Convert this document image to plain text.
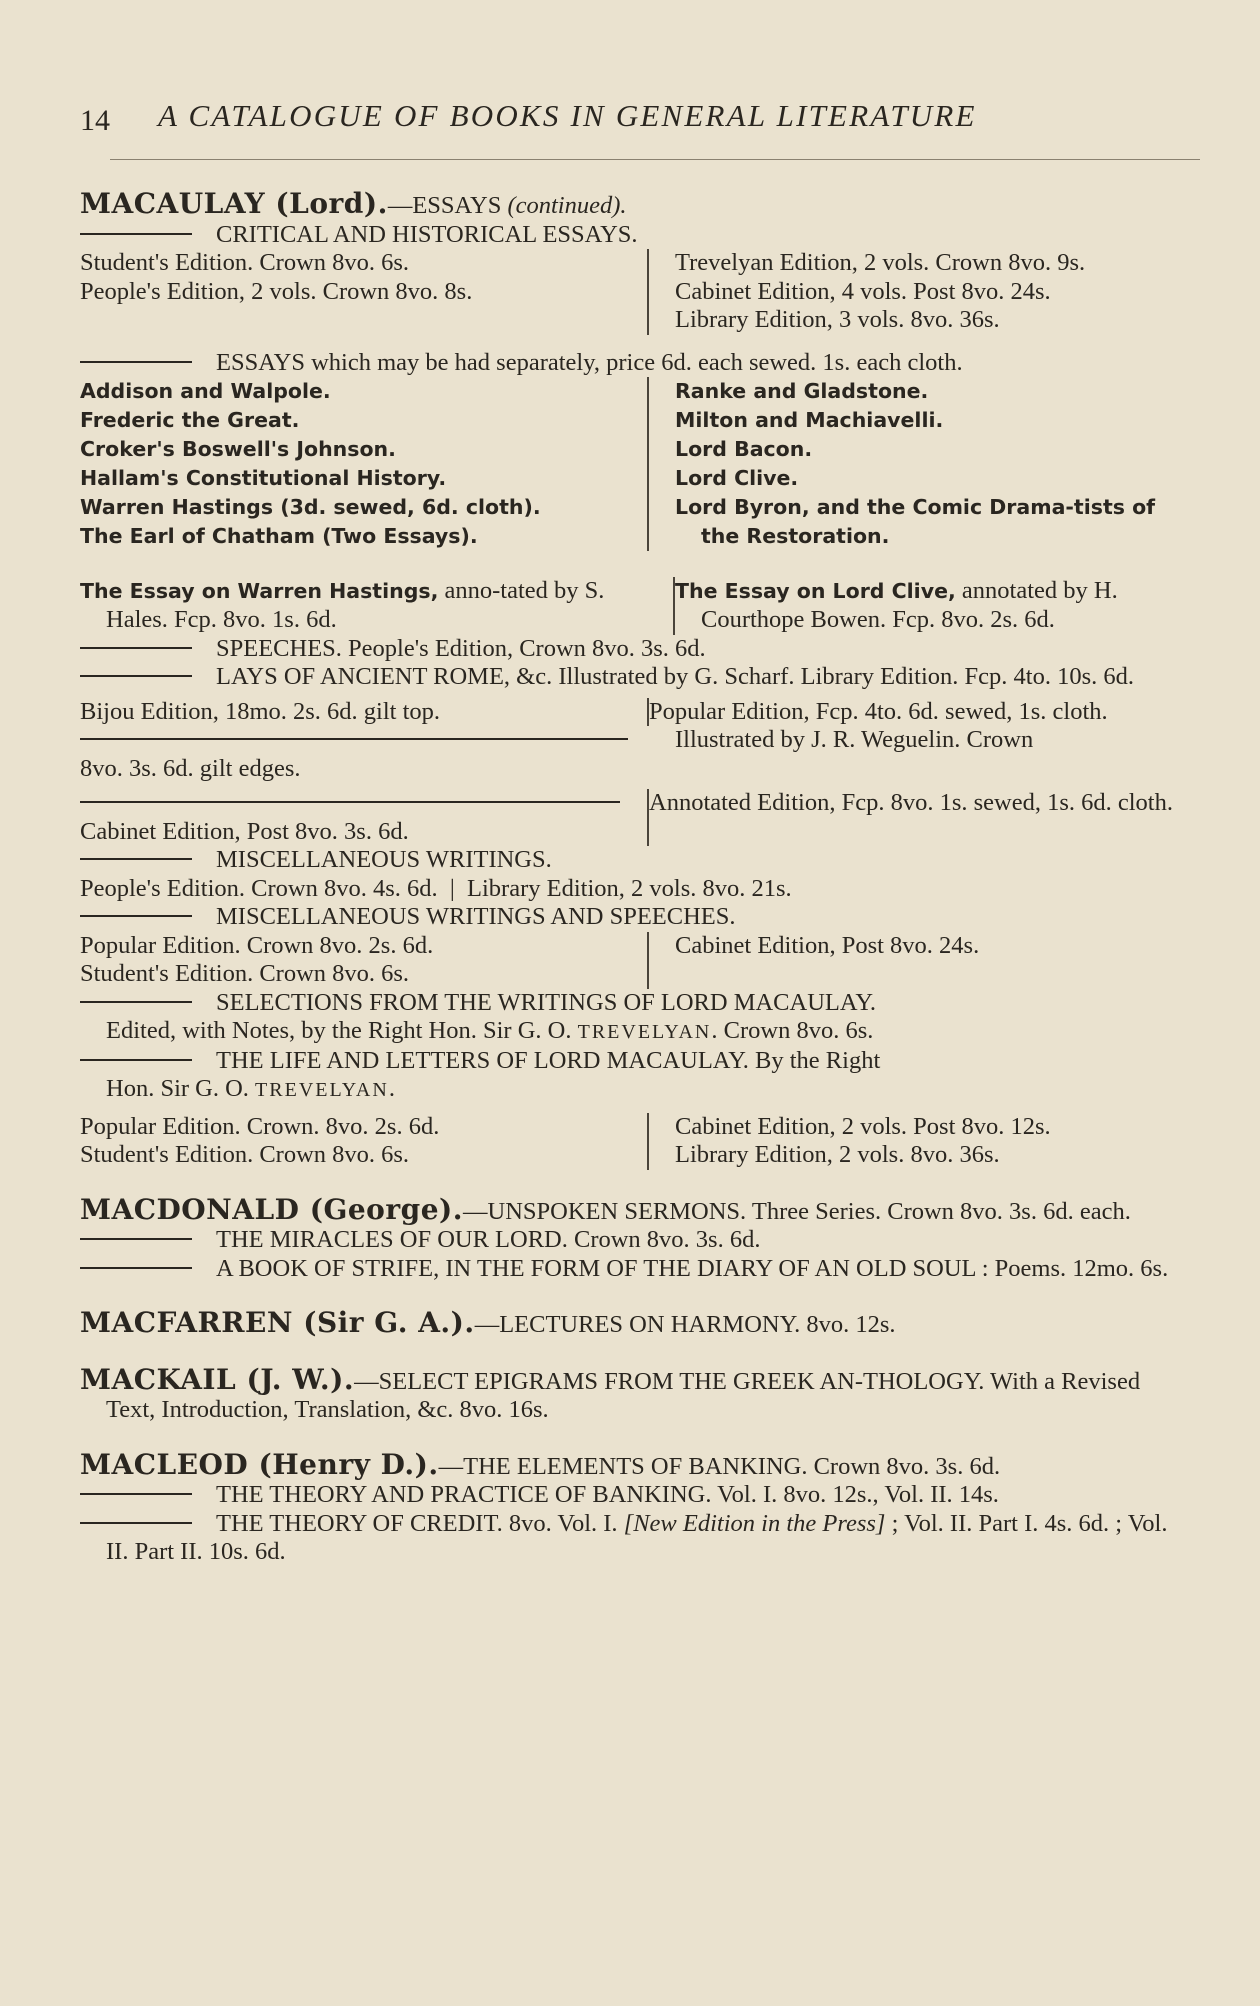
14 A CATALOGUE OF BOOKS IN GENERAL LITERATURE

MACAULAY (Lord).—ESSAYS (continued).

CRITICAL AND HISTORICAL ESSAYS.

Student's Edition. Crown 8vo. 6s.

People's Edition, 2 vols. Crown 8vo. 8s.

Trevelyan Edition, 2 vols. Crown 8vo. 9s.

Cabinet Edition, 4 vols. Post 8vo. 24s.

Library Edition, 3 vols. 8vo. 36s.

ESSAYS which may be had separately, price 6d. each sewed. 1s. each cloth.

Addison and Walpole.

Frederic the Great.

Croker's Boswell's Johnson.

Hallam's Constitutional History.

Warren Hastings (3d. sewed, 6d. cloth).

The Earl of Chatham (Two Essays).

Ranke and Gladstone.

Milton and Machiavelli.

Lord Bacon.

Lord Clive.

Lord Byron, and the Comic Drama-tists of the Restoration.

The Essay on Warren Hastings, anno-tated by S. Hales. Fcp. 8vo. 1s. 6d.
The Essay on Lord Clive, annotated by H. Courthope Bowen. Fcp. 8vo. 2s. 6d.

SPEECHES. People's Edition, Crown 8vo. 3s. 6d.

LAYS OF ANCIENT ROME, &c. Illustrated by G. Scharf. Library Edition. Fcp. 4to. 10s. 6d.

Bijou Edition, 18mo. 2s. 6d. gilt top.	Popular Edition, Fcp. 4to. 6d. sewed, 1s. cloth.

Illustrated by J. R. Weguelin. Crown

8vo. 3s. 6d. gilt edges.

Cabinet Edition, Post 8vo. 3s. 6d.

Annotated Edition, Fcp. 8vo. 1s. sewed, 1s. 6d. cloth.

MISCELLANEOUS WRITINGS.

People's Edition. Crown 8vo. 4s. 6d.  |  Library Edition, 2 vols. 8vo. 21s.

MISCELLANEOUS WRITINGS AND SPEECHES.

Popular Edition. Crown 8vo. 2s. 6d.

Student's Edition. Crown 8vo. 6s.

Cabinet Edition, Post 8vo. 24s.

SELECTIONS FROM THE WRITINGS OF LORD MACAULAY.

Edited, with Notes, by the Right Hon. Sir G. O. TREVELYAN. Crown 8vo. 6s.

THE LIFE AND LETTERS OF LORD MACAULAY. By the Right

Hon. Sir G. O. TREVELYAN.

Popular Edition. Crown. 8vo. 2s. 6d.

Student's Edition. Crown 8vo. 6s.

Cabinet Edition, 2 vols. Post 8vo. 12s.

Library Edition, 2 vols. 8vo. 36s.

MACDONALD (George).—UNSPOKEN SERMONS. Three Series. Crown 8vo. 3s. 6d. each.

THE MIRACLES OF OUR LORD. Crown 8vo. 3s. 6d.

A BOOK OF STRIFE, IN THE FORM OF THE DIARY OF AN OLD SOUL : Poems. 12mo. 6s.

MACFARREN (Sir G. A.).—LECTURES ON HARMONY. 8vo. 12s.

MACKAIL (J. W.).—SELECT EPIGRAMS FROM THE GREEK AN-THOLOGY. With a Revised Text, Introduction, Translation, &c. 8vo. 16s.

MACLEOD (Henry D.).—THE ELEMENTS OF BANKING. Crown 8vo. 3s. 6d.

THE THEORY AND PRACTICE OF BANKING. Vol. I. 8vo. 12s., Vol. II. 14s.

THE THEORY OF CREDIT. 8vo. Vol. I. [New Edition in the Press] ; Vol. II. Part I. 4s. 6d. ; Vol. II. Part II. 10s. 6d.
